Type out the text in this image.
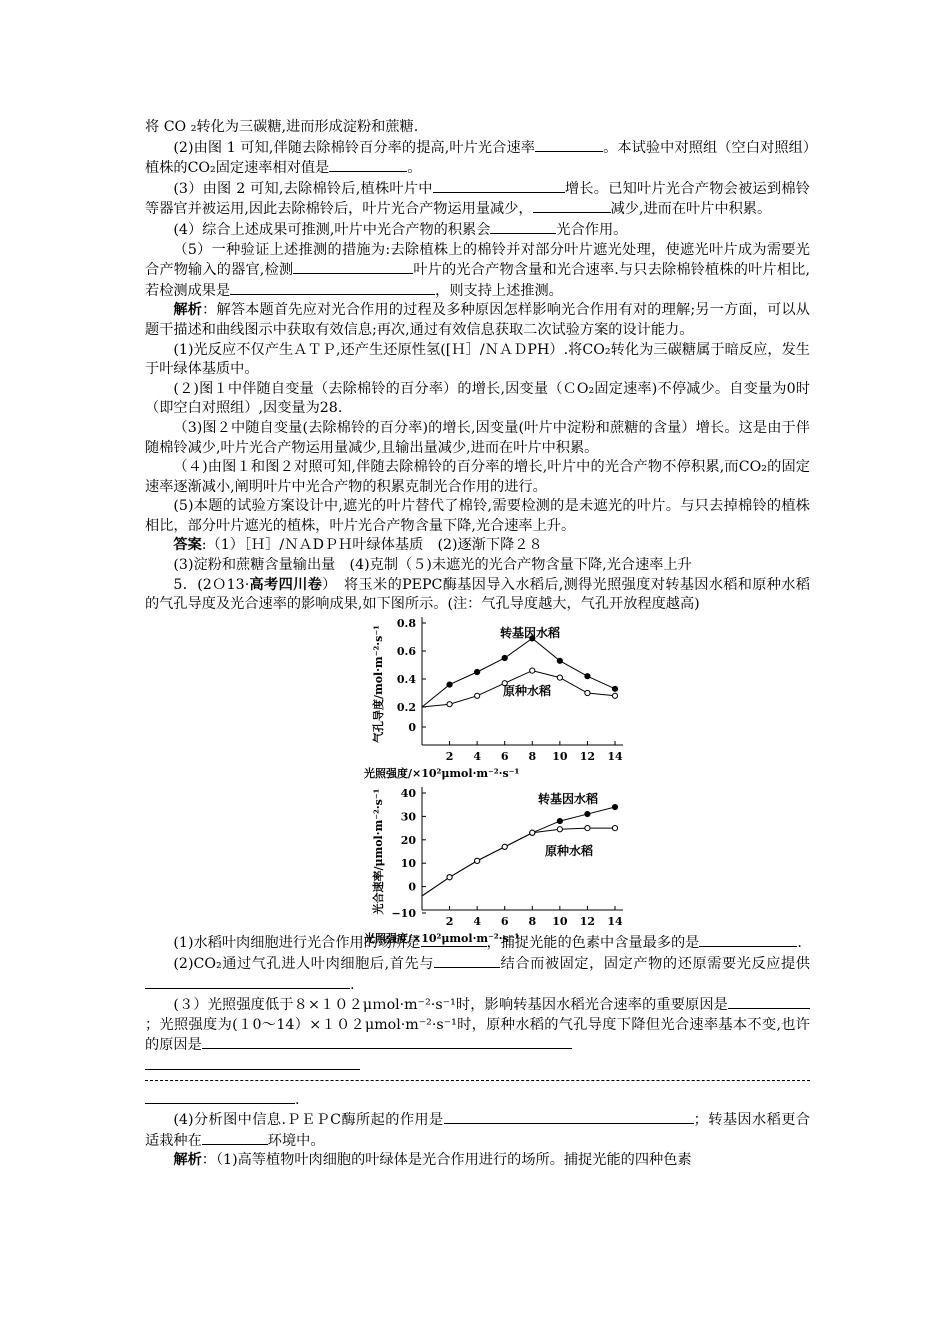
将 CO ₂转化为三碳糖,进而形成淀粉和蔗糖.

(2)由图 1 可知,伴随去除棉铃百分率的提高,叶片光合速率	。本试验中对照组（空白对照组）植株的CO₂固定速率相对值是	。

(3）由图 2 可知,去除棉铃后,植株叶片中	增长。已知叶片光合产物会被运到棉铃等器官并被运用,因此去除棉铃后，叶片光合产物运用量减少，	减少,进而在叶片中积累。

(4）综合上述成果可推测,叶片中光合产物的积累会	光合作用。

（5）一种验证上述推测的措施为:去除植株上的棉铃并对部分叶片遮光处理，使遮光叶片成为需要光合产物输入的器官,检测	叶片的光合产物含量和光合速率.与只去除棉铃植株的叶片相比,若检测成果是	，则支持上述推测。

解析：解答本题首先应对光合作用的过程及多种原因怎样影响光合作用有对的理解;另一方面，可以从题干描述和曲线图示中获取有效信息;再次,通过有效信息获取二次试验方案的设计能力。

(1)光反应不仅产生ＡＴＰ,还产生还原性氢([Ｈ］/ＮＡＤPH）.将CO₂转化为三碳糖属于暗反应，发生于叶绿体基质中。

(２)图１中伴随自变量（去除棉铃的百分率）的增长,因变量（ＣO₂固定速率)不停减少。自变量为0时（即空白对照组）,因变量为28.

（3)图２中随自变量(去除棉铃的百分率)的增长,因变量(叶片中淀粉和蔗糖的含量）增长。这是由于伴随棉铃减少,叶片光合产物运用量减少,且输出量减少,进而在叶片中积累。

（４)由图１和图２对照可知,伴随去除棉铃的百分率的增长,叶片中的光合产物不停积累,而CO₂的固定速率逐渐减小,阐明叶片中光合产物的积累克制光合作用的进行。

(5)本题的试验方案设计中,遮光的叶片替代了棉铃,需要检测的是未遮光的叶片。与只去掉棉铃的植株相比，部分叶片遮光的植株，叶片光合产物含量下降,光合速率上升。

答案:（1）［Ｈ］/ＮＡDＰＨ叶绿体基质　(2)逐渐下降２８

(3)淀粉和蔗糖含量输出量　(4)克制（５)未遮光的光合产物含量下降,光合速率上升

5．(2Ｏ13·高考四川卷）　将玉米的PEPC酶基因导入水稻后,测得光照强度对转基因水稻和原种水稻的气孔导度及光合速率的影响成果,如下图所示。(注：气孔导度越大，气孔开放程度越高)

0.8
0.6
0.4
0.2
0
2 4 6 8 10 12 14
光照强度/×10²μmol·m⁻²·s⁻¹
气孔导度/mol·m⁻²·s⁻¹	转基因水稻
原种水稻
40
30
20
10
0
−10
2 4 6 8 10 12 14
光照强度/×10²μmol·m⁻²·s⁻¹
光合速率/μmol·m⁻²·s⁻¹	转基因水稻
原种水稻

(1)水稻叶肉细胞进行光合作用的场所是	，捕捉光能的色素中含量最多的是	.

(2)CO₂通过气孔进人叶肉细胞后,首先与	结合而被固定，固定产物的还原需要光反应提供.

(３）光照强度低于８×１０２μｍol·m⁻²·s⁻¹时，影响转基因水稻光合速率的重要原因是；光照强度为(１0～14）×１０２μmol·m⁻²·s⁻¹时，原种水稻的气孔导度下降但光合速率基本不变,也许的原因是

.

(4)分析图中信息.ＰＥＰC酶所起的作用是	；转基因水稻更合适栽种在	环境中。

解析：（1)高等植物叶肉细胞的叶绿体是光合作用进行的场所。捕捉光能的四种色素
